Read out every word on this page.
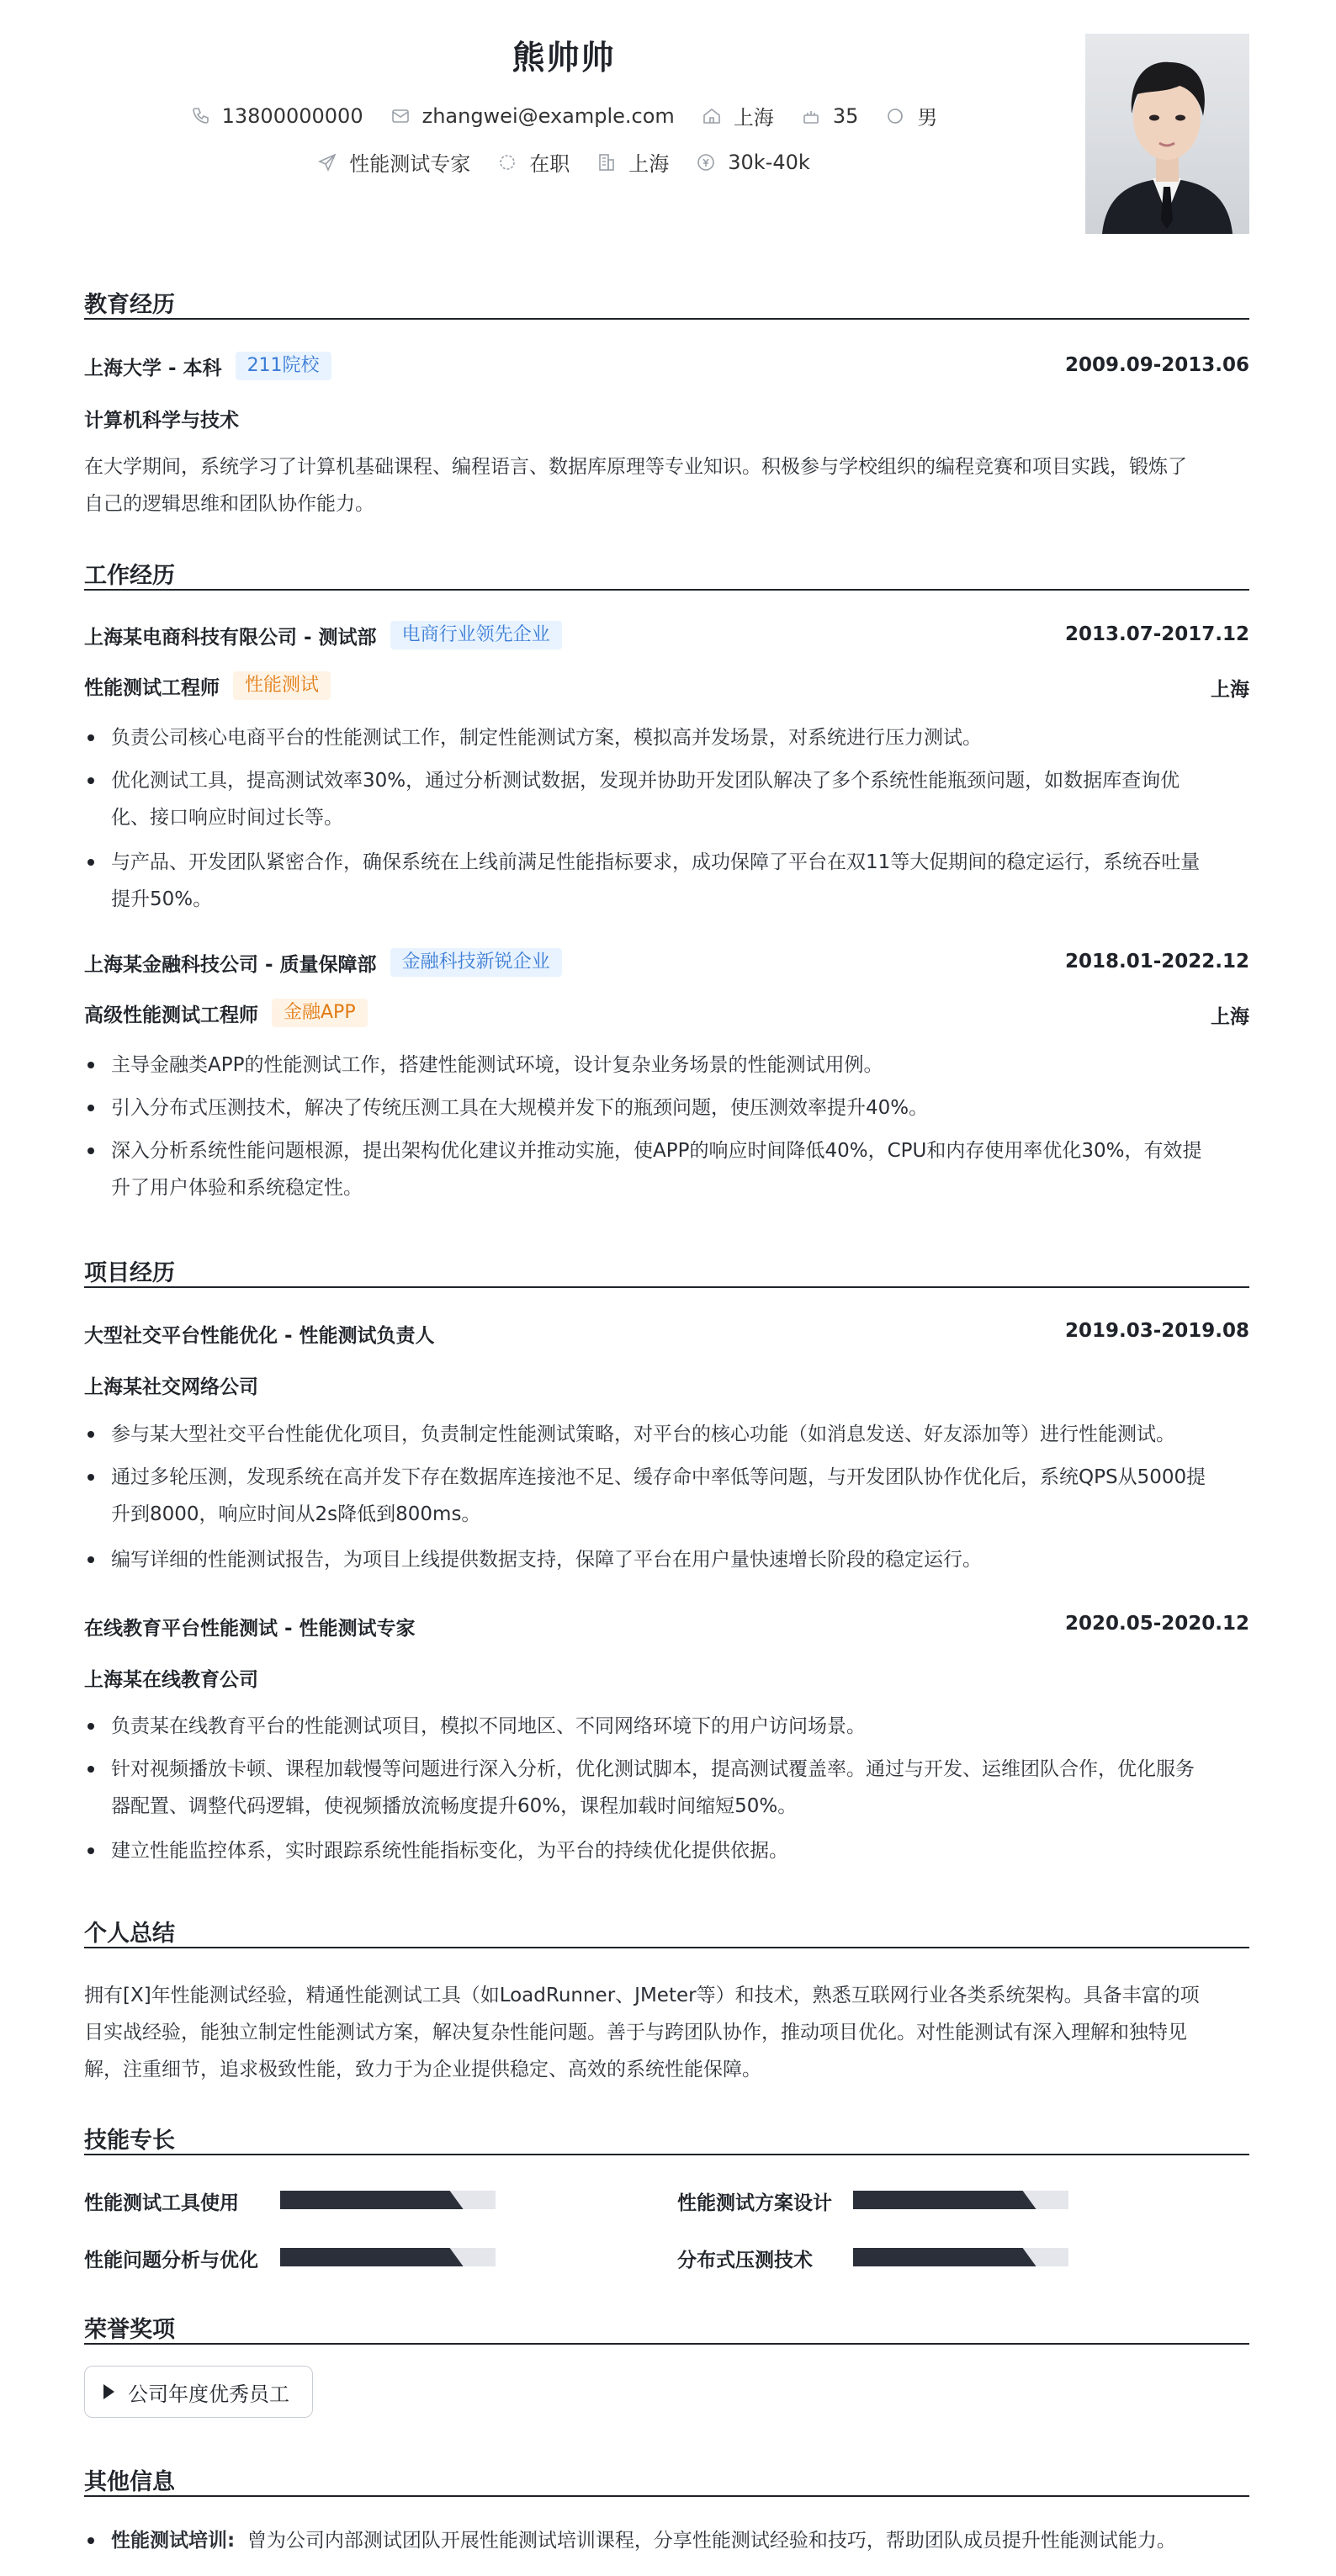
熊帅帅
13800000000	zhangwei@example.com	上海	35	男
性能测试专家	在职	上海	30k-40k
教育经历
上海大学 - 本科	211院校	2009.09-2013.06
计算机科学与技术
在大学期间，系统学习了计算机基础课程、编程语言、数据库原理等专业知识。积极参与学校组织的编程竞赛和项目实践，锻炼了
自己的逻辑思维和团队协作能力。
工作经历
上海某电商科技有限公司 - 测试部	电商行业领先企业	2013.07-2017.12
性能测试工程师	性能测试	上海
负责公司核心电商平台的性能测试工作，制定性能测试方案，模拟高并发场景，对系统进行压力测试。
优化测试工具，提高测试效率30%，通过分析测试数据，发现并协助开发团队解决了多个系统性能瓶颈问题，如数据库查询优
化、接口响应时间过长等。
与产品、开发团队紧密合作，确保系统在上线前满足性能指标要求，成功保障了平台在双11等大促期间的稳定运行，系统吞吐量
提升50%。
上海某金融科技公司 - 质量保障部	金融科技新锐企业	2018.01-2022.12
高级性能测试工程师	金融APP	上海
主导金融类APP的性能测试工作，搭建性能测试环境，设计复杂业务场景的性能测试用例。
引入分布式压测技术，解决了传统压测工具在大规模并发下的瓶颈问题，使压测效率提升40%。
深入分析系统性能问题根源，提出架构优化建议并推动实施，使APP的响应时间降低40%，CPU和内存使用率优化30%，有效提
升了用户体验和系统稳定性。
项目经历
大型社交平台性能优化 - 性能测试负责人	2019.03-2019.08
上海某社交网络公司
参与某大型社交平台性能优化项目，负责制定性能测试策略，对平台的核心功能（如消息发送、好友添加等）进行性能测试。
通过多轮压测，发现系统在高并发下存在数据库连接池不足、缓存命中率低等问题，与开发团队协作优化后，系统QPS从5000提
升到8000，响应时间从2s降低到800ms。
编写详细的性能测试报告，为项目上线提供数据支持，保障了平台在用户量快速增长阶段的稳定运行。
在线教育平台性能测试 - 性能测试专家	2020.05-2020.12
上海某在线教育公司
负责某在线教育平台的性能测试项目，模拟不同地区、不同网络环境下的用户访问场景。
针对视频播放卡顿、课程加载慢等问题进行深入分析，优化测试脚本，提高测试覆盖率。通过与开发、运维团队合作，优化服务
器配置、调整代码逻辑，使视频播放流畅度提升60%，课程加载时间缩短50%。
建立性能监控体系，实时跟踪系统性能指标变化，为平台的持续优化提供依据。
个人总结
拥有[X]年性能测试经验，精通性能测试工具（如LoadRunner、JMeter等）和技术，熟悉互联网行业各类系统架构。具备丰富的项
目实战经验，能独立制定性能测试方案，解决复杂性能问题。善于与跨团队协作，推动项目优化。对性能测试有深入理解和独特见
解，注重细节，追求极致性能，致力于为企业提供稳定、高效的系统性能保障。
技能专长
性能测试工具使用	性能测试方案设计
性能问题分析与优化	分布式压测技术
荣誉奖项
公司年度优秀员工
其他信息
性能测试培训: 曾为公司内部测试团队开展性能测试培训课程，分享性能测试经验和技巧，帮助团队成员提升性能测试能力。
